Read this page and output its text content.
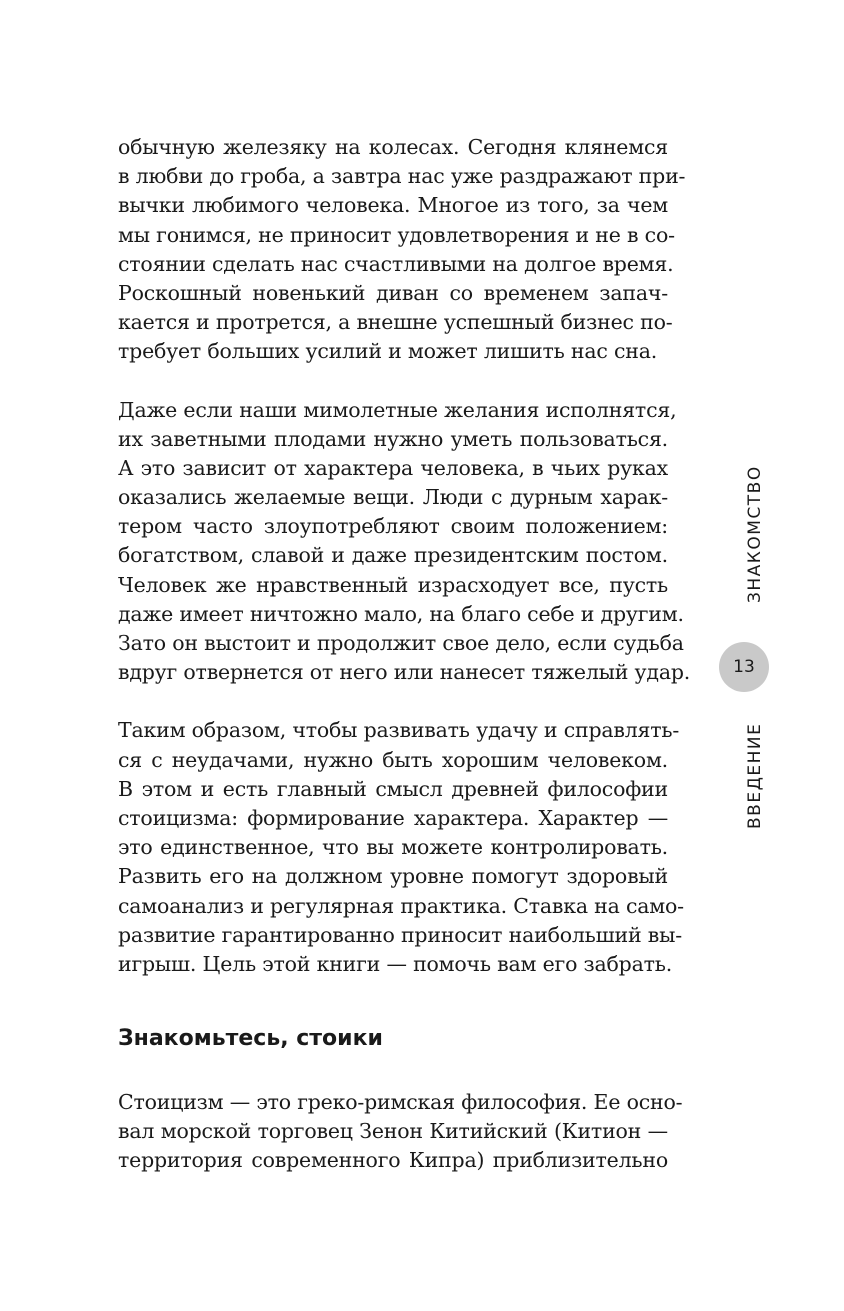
обычную железяку на колесах. Сегодня клянемся
в любви до гроба, а завтра нас уже раздражают при-
вычки любимого человека. Многое из того, за чем
мы гонимся, не приносит удовлетворения и не в со-
стоянии сделать нас счастливыми на долгое время.
Роскошный новенький диван со временем запач-
кается и протрется, а внешне успешный бизнес по-
требует больших усилий и может лишить нас сна.
Даже если наши мимолетные желания исполнятся,
их заветными плодами нужно уметь пользоваться.
А это зависит от характера человека, в чьих руках
оказались желаемые вещи. Люди с дурным харак-
тером часто злоупотребляют своим положением:
богатством, славой и даже президентским постом.
Человек же нравственный израсходует все, пусть
даже имеет ничтожно мало, на благо себе и другим.
Зато он выстоит и продолжит свое дело, если судьба
вдруг отвернется от него или нанесет тяжелый удар.
Таким образом, чтобы развивать удачу и справлять-
ся с неудачами, нужно быть хорошим человеком.
В этом и есть главный смысл древней философии
стоицизма: формирование характера. Характер —
это единственное, что вы можете контролировать.
Развить его на должном уровне помогут здоровый
самоанализ и регулярная практика. Ставка на само-
развитие гарантированно приносит наибольший вы-
игрыш. Цель этой книги — помочь вам его забрать.
Знакомьтесь, стоики
Стоицизм — это греко-римская философия. Ее осно-
вал морской торговец Зенон Китийский (Китион —
территория современного Кипра) приблизительно
ЗНАКОМСТВО
13
ВВЕДЕНИЕ
